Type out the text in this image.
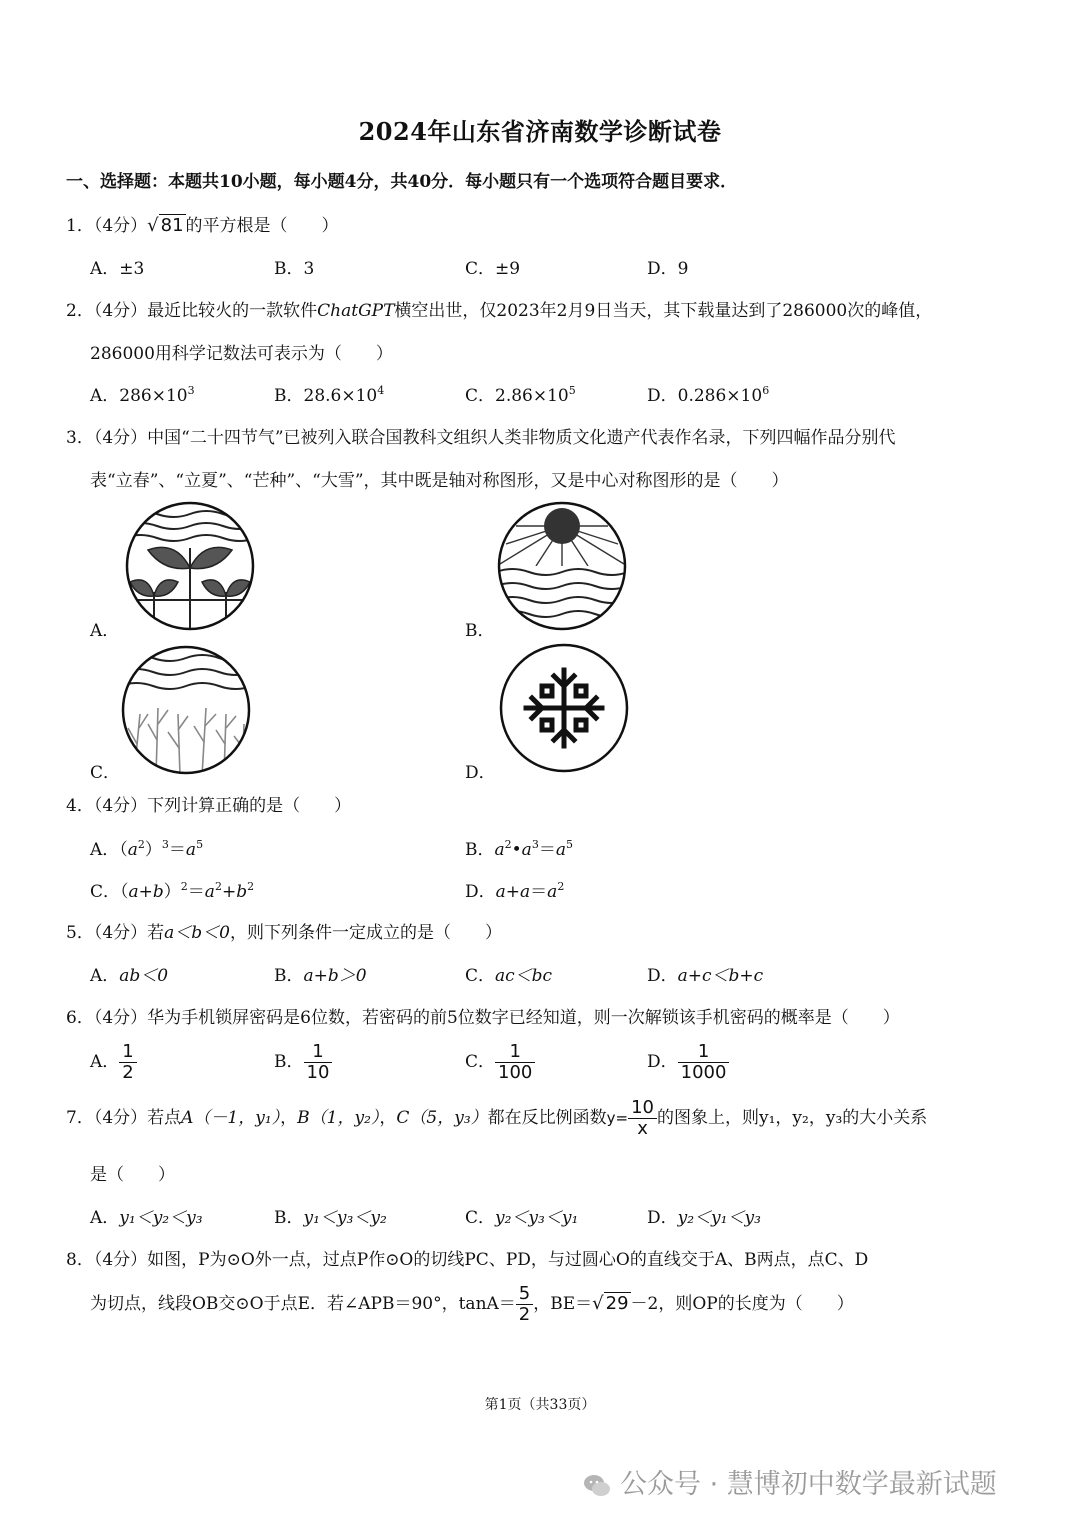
2024年山东省济南数学诊断试卷
一、选择题：本题共10小题，每小题4分，共40分．每小题只有一个选项符合题目要求．
1．（4分）√ 81 的平方根是（　　）
A．±3	B．3	C．±9	D．9
2．（4分）最近比较火的一款软件ChatGPT横空出世，仅2023年2月9日当天，其下载量达到了286000次的峰值，
286000用科学记数法可表示为（　　）
A．$286\times 10^3$	B．$28.6\times 10^4$	C．$2.86\times 10^5$	D．$0.286\times 10^6$
3．（4分）中国“二十四节气”已被列入联合国教科文组织人类非物质文化遗产代表作名录，下列四幅作品分别代
表“立春”、“立夏”、“芒种”、“大雪”，其中既是轴对称图形，又是中心对称图形的是（　　）
A．	B．
C．	D．
4．（4分）下列计算正确的是（　　）
A．$(a^2)^3=a^5$	B．$a^2•a^3=a^5$
C．$(a+b)^2=a^2+b^2$	D．$a+a=a^2$
5．（4分）若a＜b＜0，则下列条件一定成立的是（　　）
A．ab＜0	B．a+b＞0	C．ac＜bc	D．a+c＜b+c
6．（4分）华为手机锁屏密码是6位数，若密码的前5位数字已经知道，则一次解锁该手机密码的概率是（　　）
A． $\frac{1}{2}$	B． $\frac{1}{10}$	C． $\frac{1}{100}$	D． $\frac{1}{1000}$
7．（4分）若点A（－1，y₁），B（1，y₂），C（5，y₃）都在反比例函数$y= \frac{10}{x}$ 的图象上，则y₁，y₂，y₃的大小关系
是（　　）
A．y₁＜y₂＜y₃	B．y₁＜y₃＜y₂	C．y₂＜y₃＜y₁	D．y₂＜y₁＜y₃
8．（4分）如图，P为⊙O外一点，过点P作⊙O的切线PC、PD，与过圆心O的直线交于A、B两点，点C、D
为切点，线段OB交⊙O于点E．若∠APB＝90°，$\tan A= \frac{5}{2}$ ，BE＝√ 29 －2，则OP的长度为（　　）
第1页（共33页）
公众号 · 慧博初中数学最新试题
